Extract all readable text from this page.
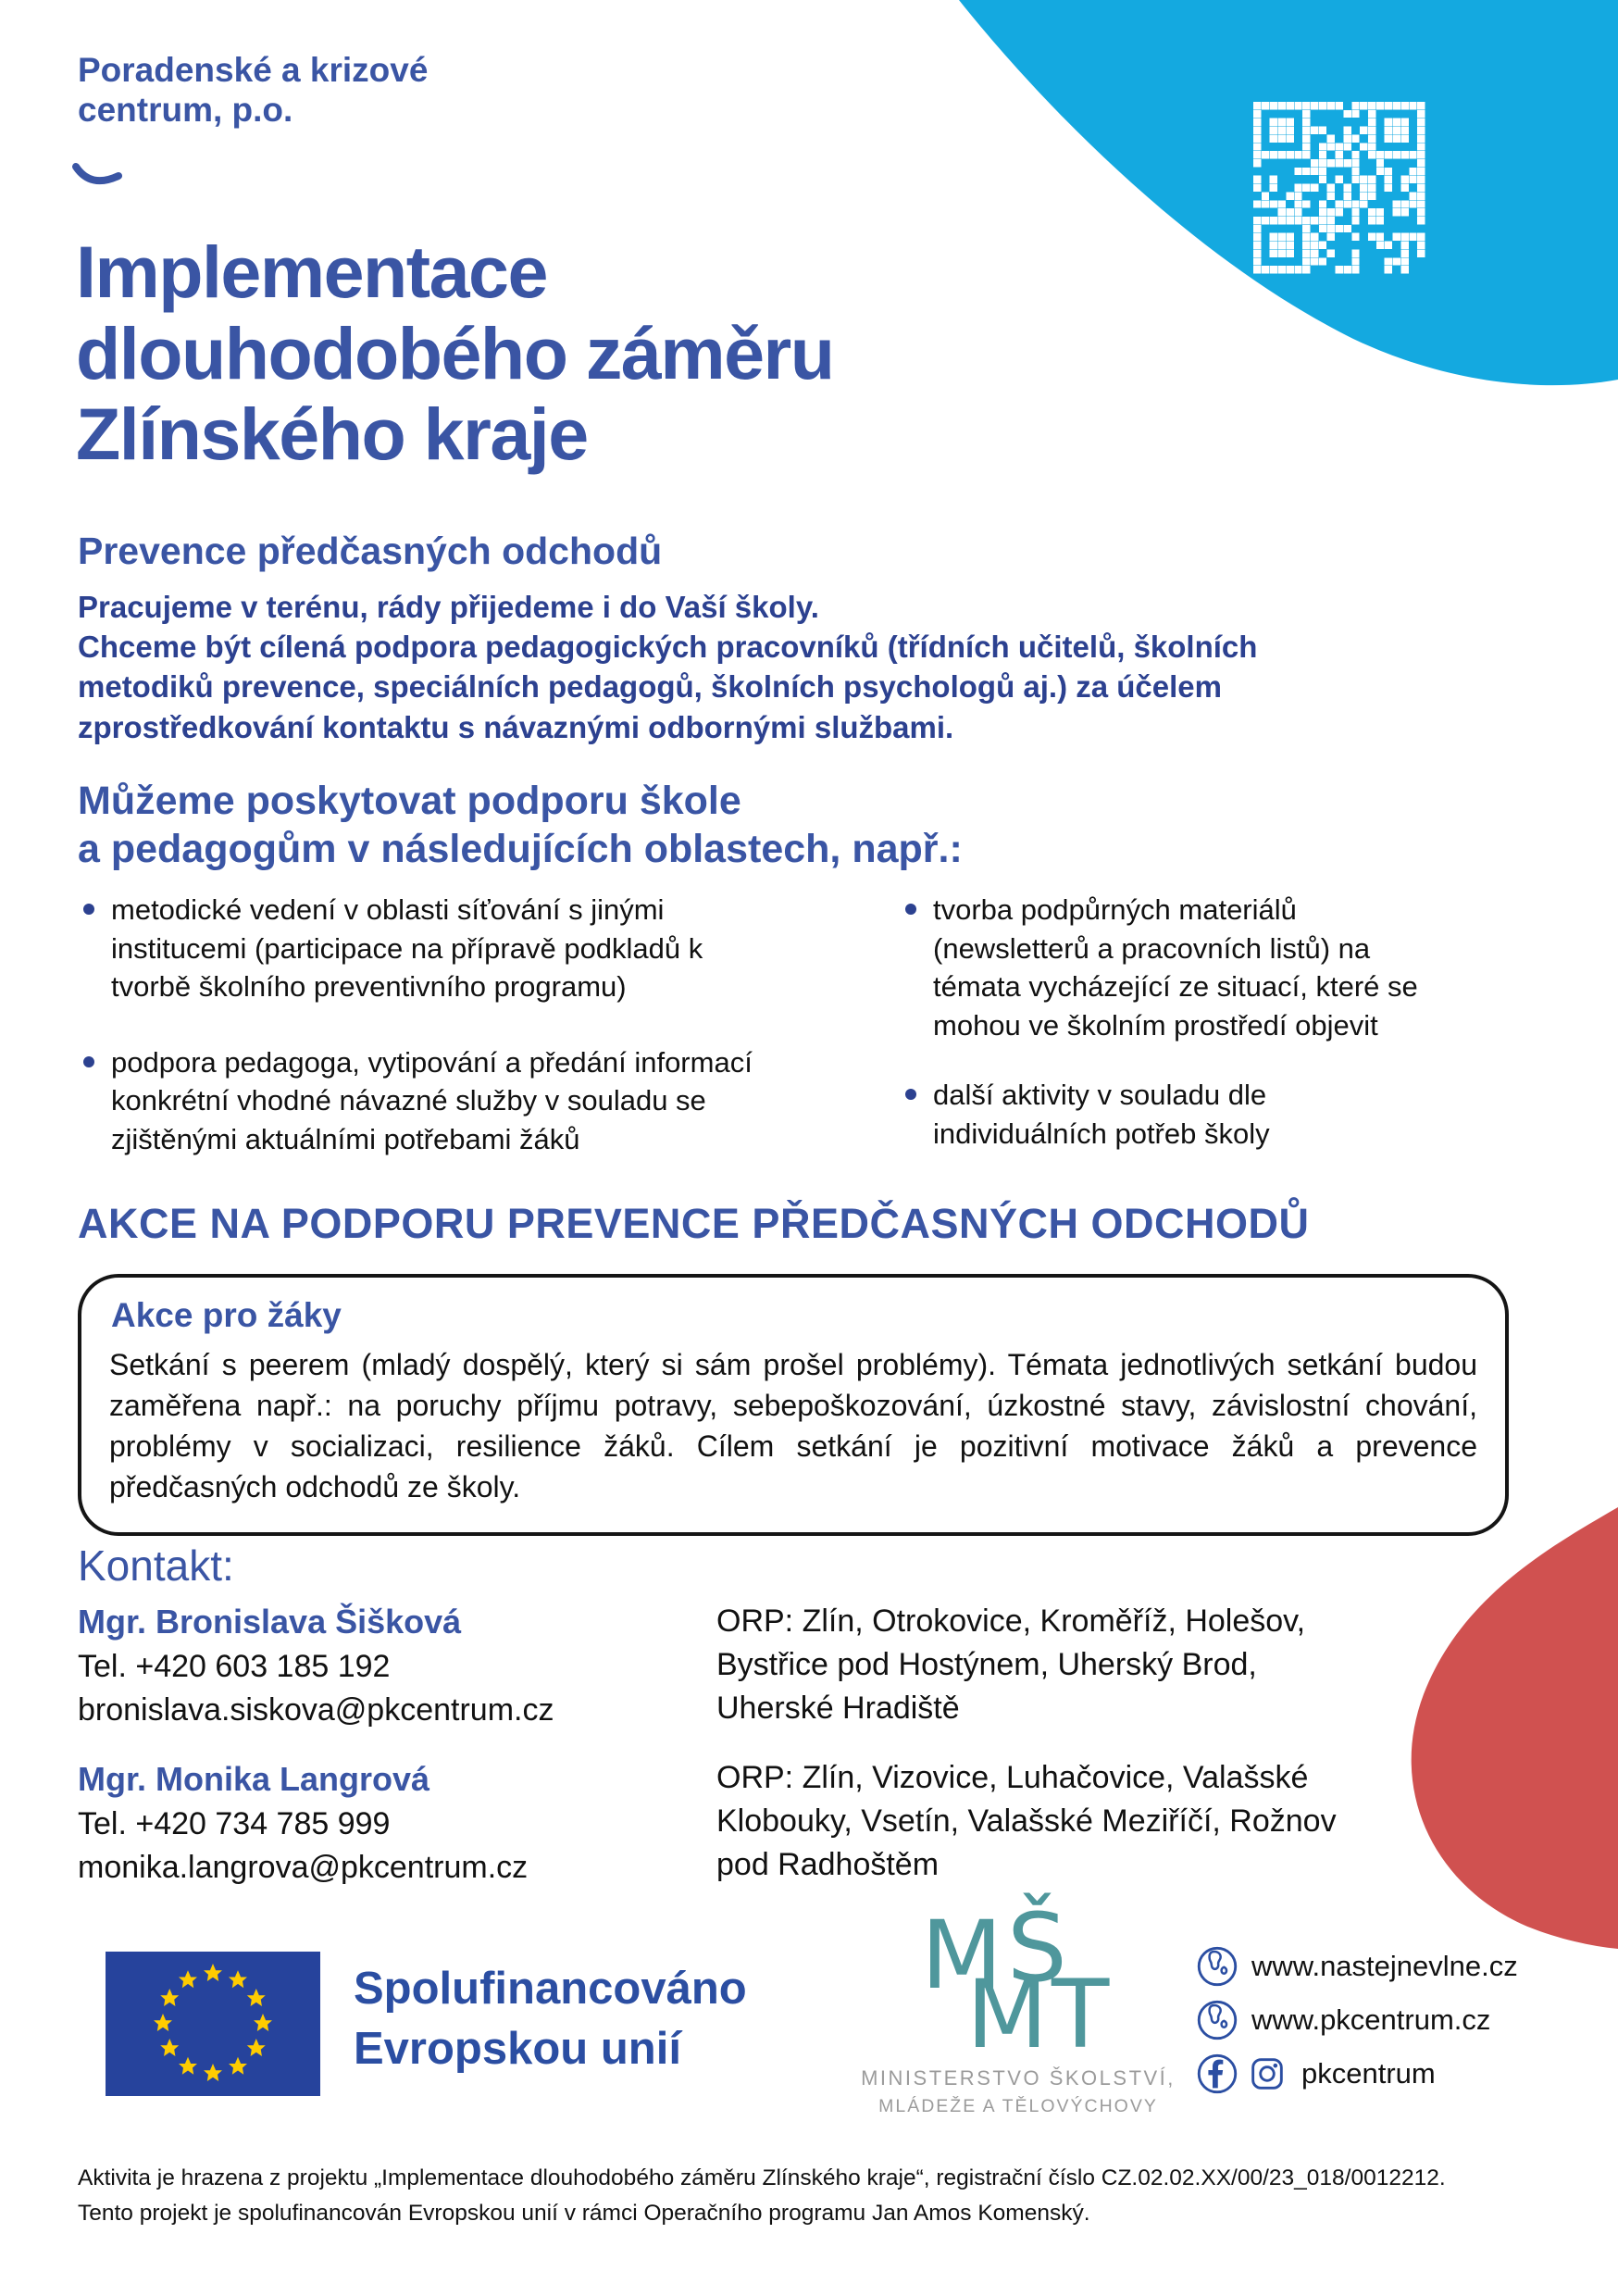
Poradenské a krizové
centrum, p.o.
Implementace
dlouhodobého záměru
Zlínského kraje
Prevence předčasných odchodů
Pracujeme v terénu, rády přijedeme i do Vaší školy.
Chceme být cílená podpora pedagogických pracovníků (třídních učitelů, školních
metodiků prevence, speciálních pedagogů, školních psychologů aj.) za účelem
zprostředkování kontaktu s návaznými odbornými službami.
Můžeme poskytovat podporu škole
a pedagogům v následujících oblastech, např.:
metodické vedení v oblasti síťování s jinými institucemi (participace na přípravě podkladů k tvorbě školního preventivního programu)
podpora pedagoga, vytipování a předání informací konkrétní vhodné návazné služby v souladu se zjištěnými aktuálními potřebami žáků
tvorba podpůrných materiálů (newsletterů a pracovních listů) na témata vycházející ze situací, které se mohou ve školním prostředí objevit
další aktivity v souladu dle individuálních potřeb školy
AKCE NA PODPORU PREVENCE PŘEDČASNÝCH ODCHODŮ
Akce pro žáky
Setkání s peerem (mladý dospělý, který si sám prošel problémy). Témata jednotlivých setkání budou zaměřena např.: na poruchy příjmu potravy, sebepoškozování, úzkostné stavy, závislostní chování, problémy v socializaci, resilience žáků. Cílem setkání je pozitivní motivace žáků a prevence předčasných odchodů ze školy.
Kontakt:
Mgr. Bronislava Šišková
Tel. +420 603 185 192
bronislava.siskova@pkcentrum.cz
Mgr. Monika Langrová
Tel. +420 734 785 999
monika.langrova@pkcentrum.cz
ORP: Zlín, Otrokovice, Kroměříž, Holešov, Bystřice pod Hostýnem, Uherský Brod, Uherské Hradiště
ORP: Zlín, Vizovice, Luhačovice, Valašské Klobouky, Vsetín, Valašské Meziříčí, Rožnov pod Radhoštěm
Spolufinancováno
Evropskou unií
M Š
M T
MINISTERSTVO ŠKOLSTVÍ,
MLÁDEŽE A TĚLOVÝCHOVY
www.nastejnevlne.cz
www.pkcentrum.cz
pkcentrum
Aktivita je hrazena z projektu „Implementace dlouhodobého záměru Zlínského kraje“, registrační číslo CZ.02.02.XX/00/23_018/0012212.
Tento projekt je spolufinancován Evropskou unií v rámci Operačního programu Jan Amos Komenský.
